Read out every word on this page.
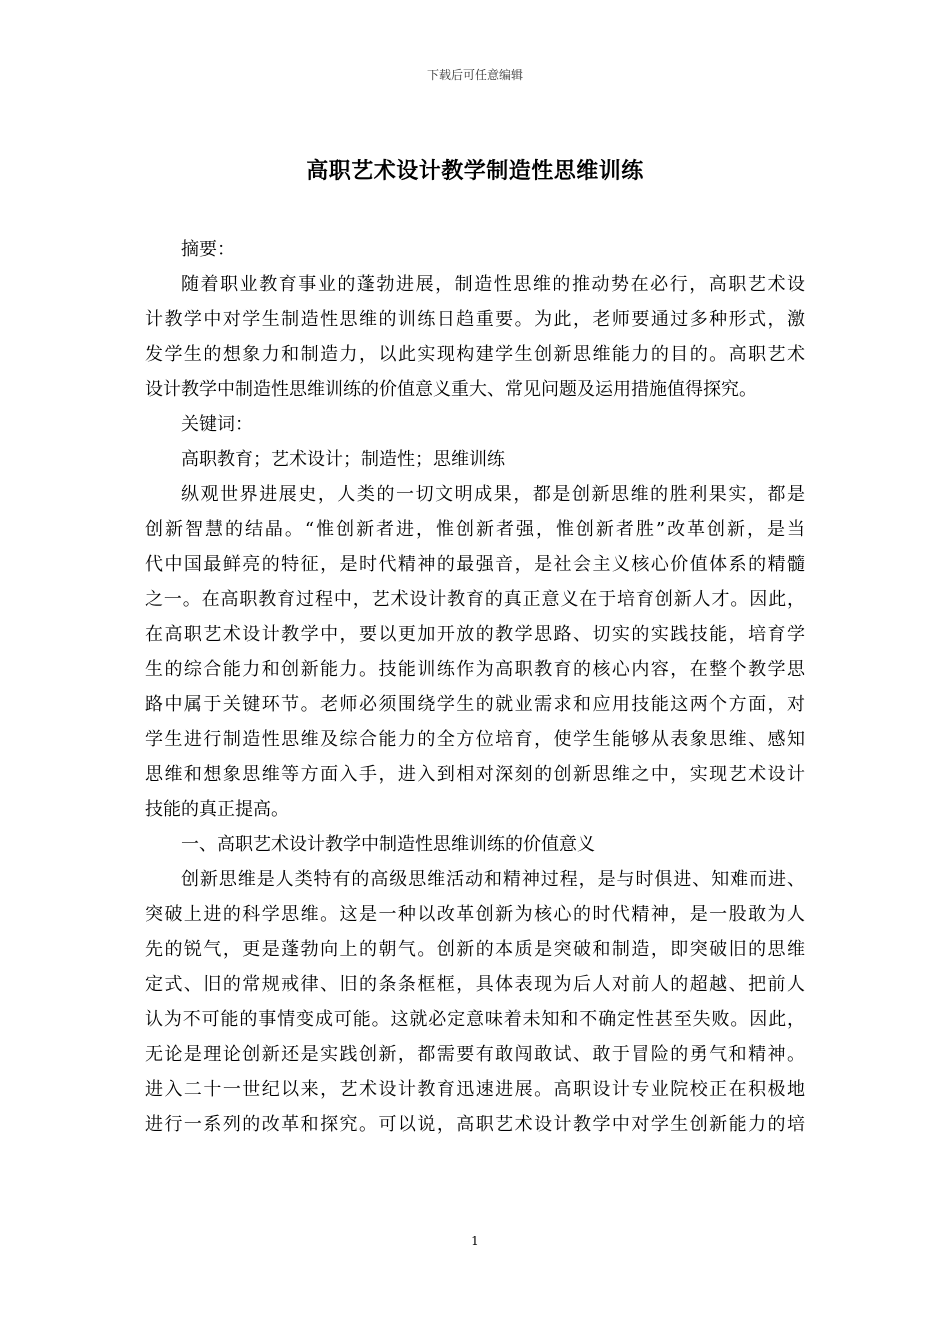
下载后可任意编辑
高职艺术设计教学制造性思维训练
摘要：
随着职业教育事业的蓬勃进展，制造性思维的推动势在必行，高职艺术设
计教学中对学生制造性思维的训练日趋重要。为此，老师要通过多种形式，激
发学生的想象力和制造力，以此实现构建学生创新思维能力的目的。高职艺术
设计教学中制造性思维训练的价值意义重大、常见问题及运用措施值得探究。
关键词：
高职教育；艺术设计；制造性；思维训练
纵观世界进展史，人类的一切文明成果，都是创新思维的胜利果实，都是
创新智慧的结晶。“惟创新者进，惟创新者强，惟创新者胜”改革创新，是当
代中国最鲜亮的特征，是时代精神的最强音，是社会主义核心价值体系的精髓
之一。在高职教育过程中，艺术设计教育的真正意义在于培育创新人才。因此，
在高职艺术设计教学中，要以更加开放的教学思路、切实的实践技能，培育学
生的综合能力和创新能力。技能训练作为高职教育的核心内容，在整个教学思
路中属于关键环节。老师必须围绕学生的就业需求和应用技能这两个方面，对
学生进行制造性思维及综合能力的全方位培育，使学生能够从表象思维、感知
思维和想象思维等方面入手，进入到相对深刻的创新思维之中，实现艺术设计
技能的真正提高。
一、高职艺术设计教学中制造性思维训练的价值意义
创新思维是人类特有的高级思维活动和精神过程，是与时俱进、知难而进、
突破上进的科学思维。这是一种以改革创新为核心的时代精神，是一股敢为人
先的锐气，更是蓬勃向上的朝气。创新的本质是突破和制造，即突破旧的思维
定式、旧的常规戒律、旧的条条框框，具体表现为后人对前人的超越、把前人
认为不可能的事情变成可能。这就必定意味着未知和不确定性甚至失败。因此，
无论是理论创新还是实践创新，都需要有敢闯敢试、敢于冒险的勇气和精神。
进入二十一世纪以来，艺术设计教育迅速进展。高职设计专业院校正在积极地
进行一系列的改革和探究。可以说，高职艺术设计教学中对学生创新能力的培
1
